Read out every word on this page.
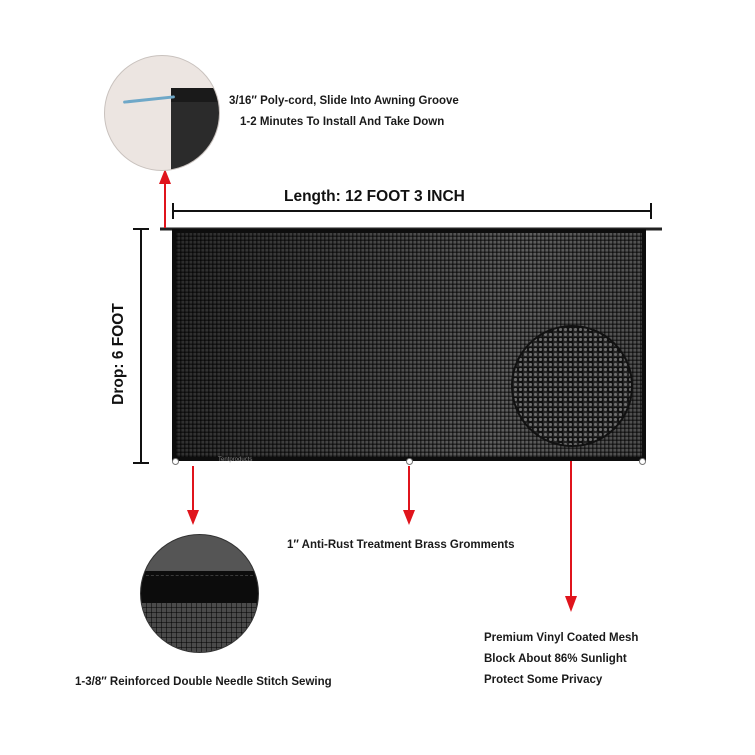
3/16″ Poly-cord, Slide Into Awning Groove
1-2 Minutes To Install And Take Down
Length: 12 FOOT 3 INCH
Drop: 6 FOOT
Tentproducts
1″ Anti-Rust Treatment Brass Gromments
Premium Vinyl Coated Mesh
Block About 86% Sunlight
Protect Some Privacy
1-3/8″ Reinforced Double Needle Stitch Sewing
